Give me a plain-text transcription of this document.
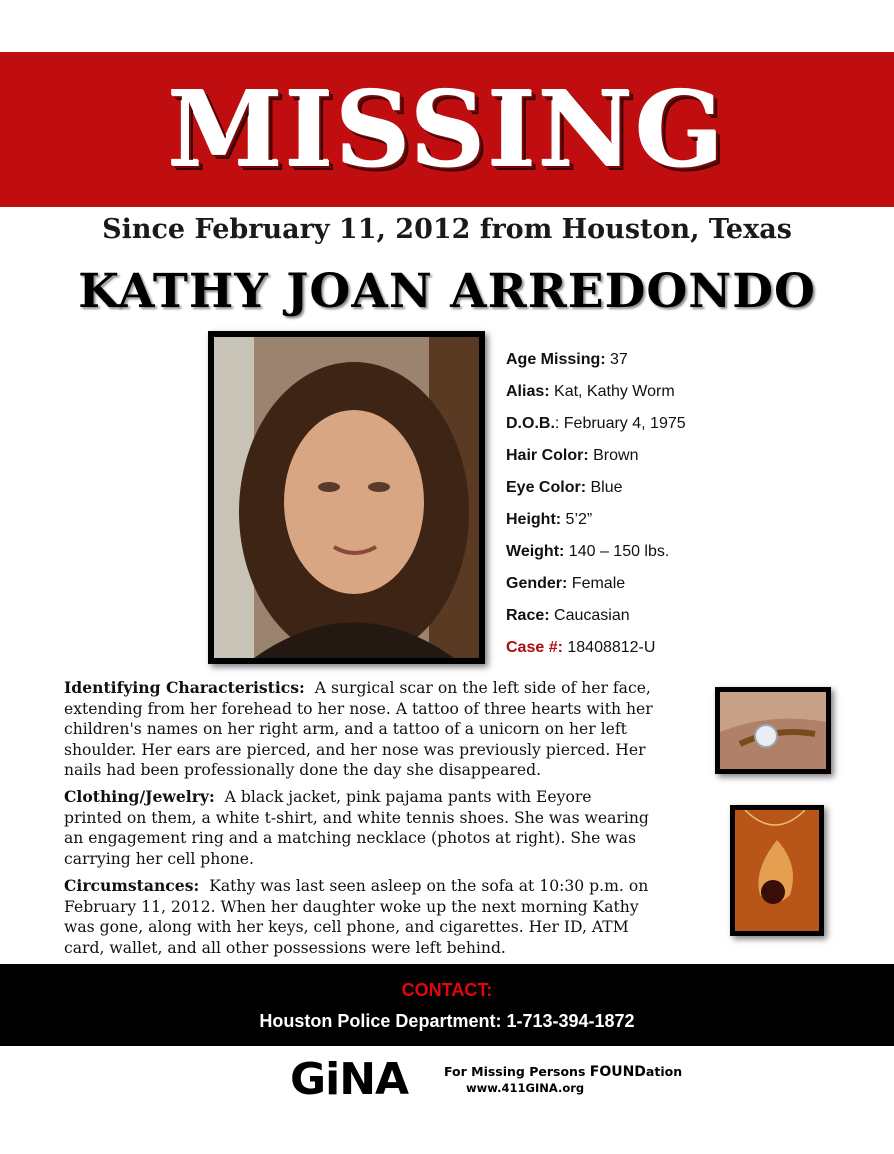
MISSING
Since February 11, 2012 from Houston, Texas
KATHY JOAN ARREDONDO
Age Missing: 37
Alias: Kat, Kathy Worm
D.O.B.: February 4, 1975
Hair Color: Brown
Eye Color: Blue
Height: 5’2”
Weight: 140 – 150 lbs.
Gender: Female
Race: Caucasian
Case #: 18408812-U
Identifying Characteristics: A surgical scar on the left side of her face,
extending from her forehead to her nose. A tattoo of three hearts with her
children's names on her right arm, and a tattoo of a unicorn on her left
shoulder. Her ears are pierced, and her nose was previously pierced. Her
nails had been professionally done the day she disappeared.
Clothing/Jewelry: A black jacket, pink pajama pants with Eeyore
printed on them, a white t-shirt, and white tennis shoes. She was wearing
an engagement ring and a matching necklace (photos at right). She was
carrying her cell phone.
Circumstances: Kathy was last seen asleep on the sofa at 10:30 p.m. on
February 11, 2012. When her daughter woke up the next morning Kathy
was gone, along with her keys, cell phone, and cigarettes. Her ID, ATM
card, wallet, and all other possessions were left behind.
CONTACT:
Houston Police Department: 1-713-394-1872
GiNA	For Missing Persons FOUNDation
www.411GINA.org
